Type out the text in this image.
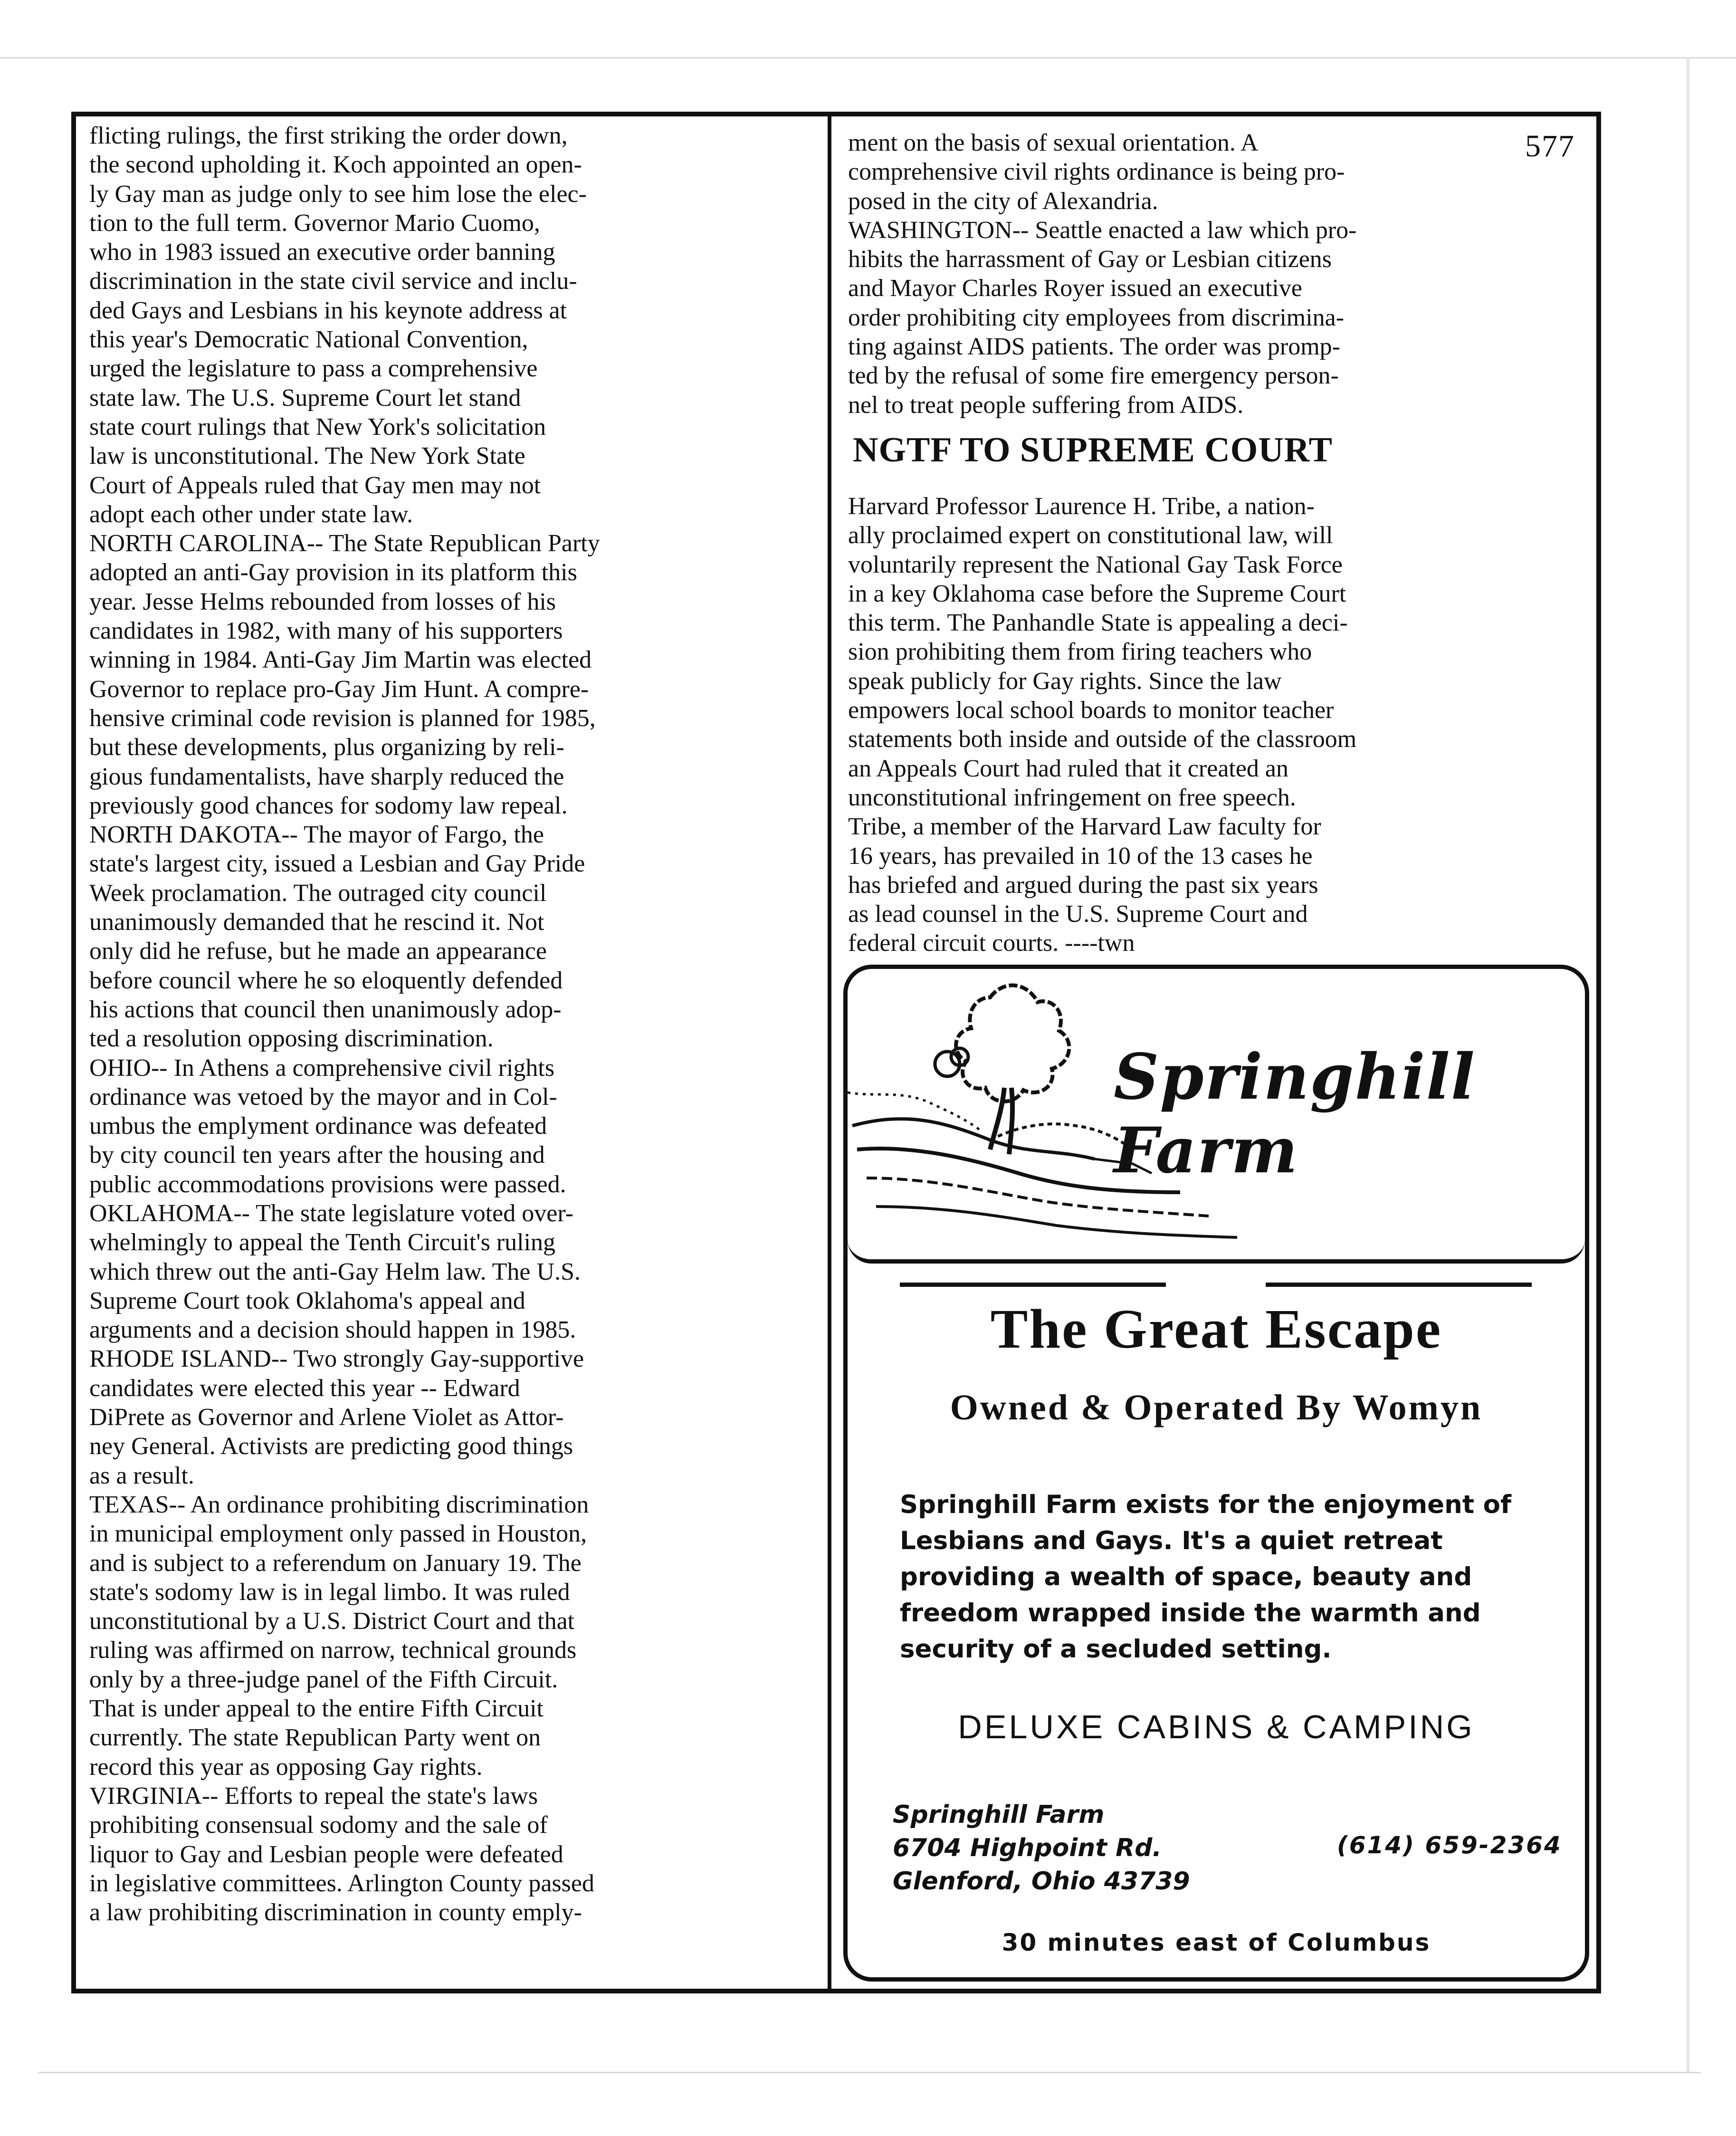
577
flicting rulings, the first striking the order down,
the second upholding it. Koch appointed an open-
ly Gay man as judge only to see him lose the elec-
tion to the full term. Governor Mario Cuomo,
who in 1983 issued an executive order banning
discrimination in the state civil service and inclu-
ded Gays and Lesbians in his keynote address at
this year's Democratic National Convention,
urged the legislature to pass a comprehensive
state law. The U.S. Supreme Court let stand
state court rulings that New York's solicitation
law is unconstitutional. The New York State
Court of Appeals ruled that Gay men may not
adopt each other under state law.
NORTH CAROLINA-- The State Republican Party
adopted an anti-Gay provision in its platform this
year. Jesse Helms rebounded from losses of his
candidates in 1982, with many of his supporters
winning in 1984. Anti-Gay Jim Martin was elected
Governor to replace pro-Gay Jim Hunt. A compre-
hensive criminal code revision is planned for 1985,
but these developments, plus organizing by reli-
gious fundamentalists, have sharply reduced the
previously good chances for sodomy law repeal.
NORTH DAKOTA-- The mayor of Fargo, the
state's largest city, issued a Lesbian and Gay Pride
Week proclamation. The outraged city council
unanimously demanded that he rescind it. Not
only did he refuse, but he made an appearance
before council where he so eloquently defended
his actions that council then unanimously adop-
ted a resolution opposing discrimination.
OHIO-- In Athens a comprehensive civil rights
ordinance was vetoed by the mayor and in Col-
umbus the emplyment ordinance was defeated
by city council ten years after the housing and
public accommodations provisions were passed.
OKLAHOMA-- The state legislature voted over-
whelmingly to appeal the Tenth Circuit's ruling
which threw out the anti-Gay Helm law. The U.S.
Supreme Court took Oklahoma's appeal and
arguments and a decision should happen in 1985.
RHODE ISLAND-- Two strongly Gay-supportive
candidates were elected this year -- Edward
DiPrete as Governor and Arlene Violet as Attor-
ney General. Activists are predicting good things
as a result.
TEXAS-- An ordinance prohibiting discrimination
in municipal employment only passed in Houston,
and is subject to a referendum on January 19. The
state's sodomy law is in legal limbo. It was ruled
unconstitutional by a U.S. District Court and that
ruling was affirmed on narrow, technical grounds
only by a three-judge panel of the Fifth Circuit.
That is under appeal to the entire Fifth Circuit
currently. The state Republican Party went on
record this year as opposing Gay rights.
VIRGINIA-- Efforts to repeal the state's laws
prohibiting consensual sodomy and the sale of
liquor to Gay and Lesbian people were defeated
in legislative committees. Arlington County passed
a law prohibiting discrimination in county emply-
ment on the basis of sexual orientation. A
comprehensive civil rights ordinance is being pro-
posed in the city of Alexandria.
WASHINGTON-- Seattle enacted a law which pro-
hibits the harrassment of Gay or Lesbian citizens
and Mayor Charles Royer issued an executive
order prohibiting city employees from discrimina-
ting against AIDS patients. The order was promp-
ted by the refusal of some fire emergency person-
nel to treat people suffering from AIDS.
NGTF TO SUPREME COURT
Harvard Professor Laurence H. Tribe, a nation-
ally proclaimed expert on constitutional law, will
voluntarily represent the National Gay Task Force
in a key Oklahoma case before the Supreme Court
this term. The Panhandle State is appealing a deci-
sion prohibiting them from firing teachers who
speak publicly for Gay rights. Since the law
empowers local school boards to monitor teacher
statements both inside and outside of the classroom
an Appeals Court had ruled that it created an
unconstitutional infringement on free speech.
Tribe, a member of the Harvard Law faculty for
16 years, has prevailed in 10 of the 13 cases he
has briefed and argued during the past six years
as lead counsel in the U.S. Supreme Court and
federal circuit courts. ----twn
Springhill Farm
The Great Escape
Owned & Operated By Womyn
Springhill Farm exists for the enjoyment of
Lesbians and Gays. It's a quiet retreat
providing a wealth of space, beauty and
freedom wrapped inside the warmth and
security of a secluded setting.
DELUXE CABINS & CAMPING
Springhill Farm
6704 Highpoint Rd.
Glenford, Ohio 43739
(614) 659-2364
30 minutes east of Columbus
